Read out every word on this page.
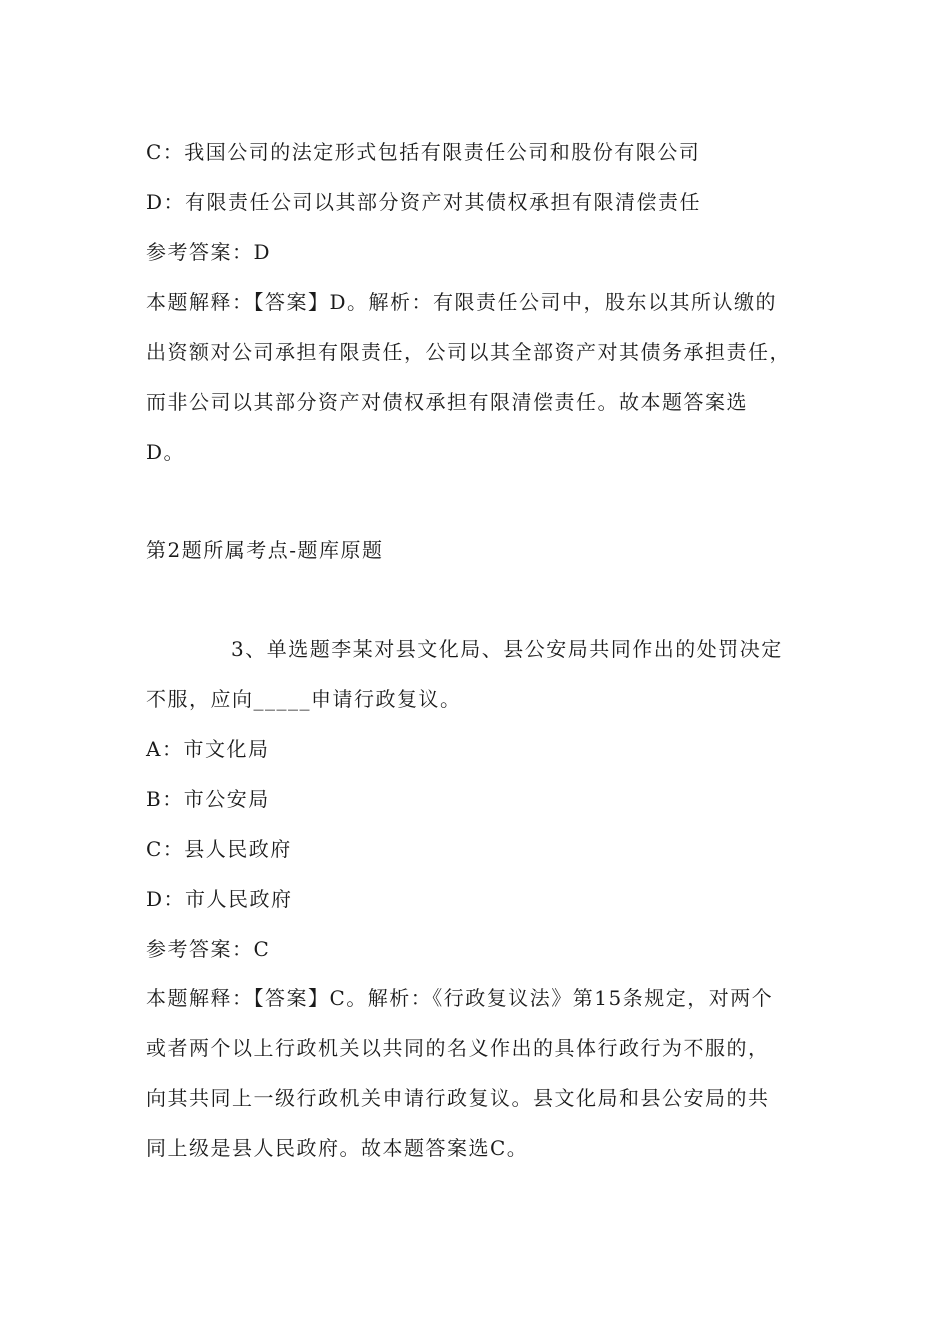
C：我国公司的法定形式包括有限责任公司和股份有限公司

D：有限责任公司以其部分资产对其债权承担有限清偿责任

参考答案：D

本题解释：【答案】D。解析：有限责任公司中，股东以其所认缴的

出资额对公司承担有限责任，公司以其全部资产对其债务承担责任，

而非公司以其部分资产对债权承担有限清偿责任。故本题答案选

D。

第2题所属考点-题库原题

3、单选题李某对县文化局、县公安局共同作出的处罚决定

不服，应向_____申请行政复议。

A：市文化局

B：市公安局

C：县人民政府

D：市人民政府

参考答案：C

本题解释：【答案】C。解析：《行政复议法》第15条规定，对两个

或者两个以上行政机关以共同的名义作出的具体行政行为不服的，

向其共同上一级行政机关申请行政复议。县文化局和县公安局的共

同上级是县人民政府。故本题答案选C。
